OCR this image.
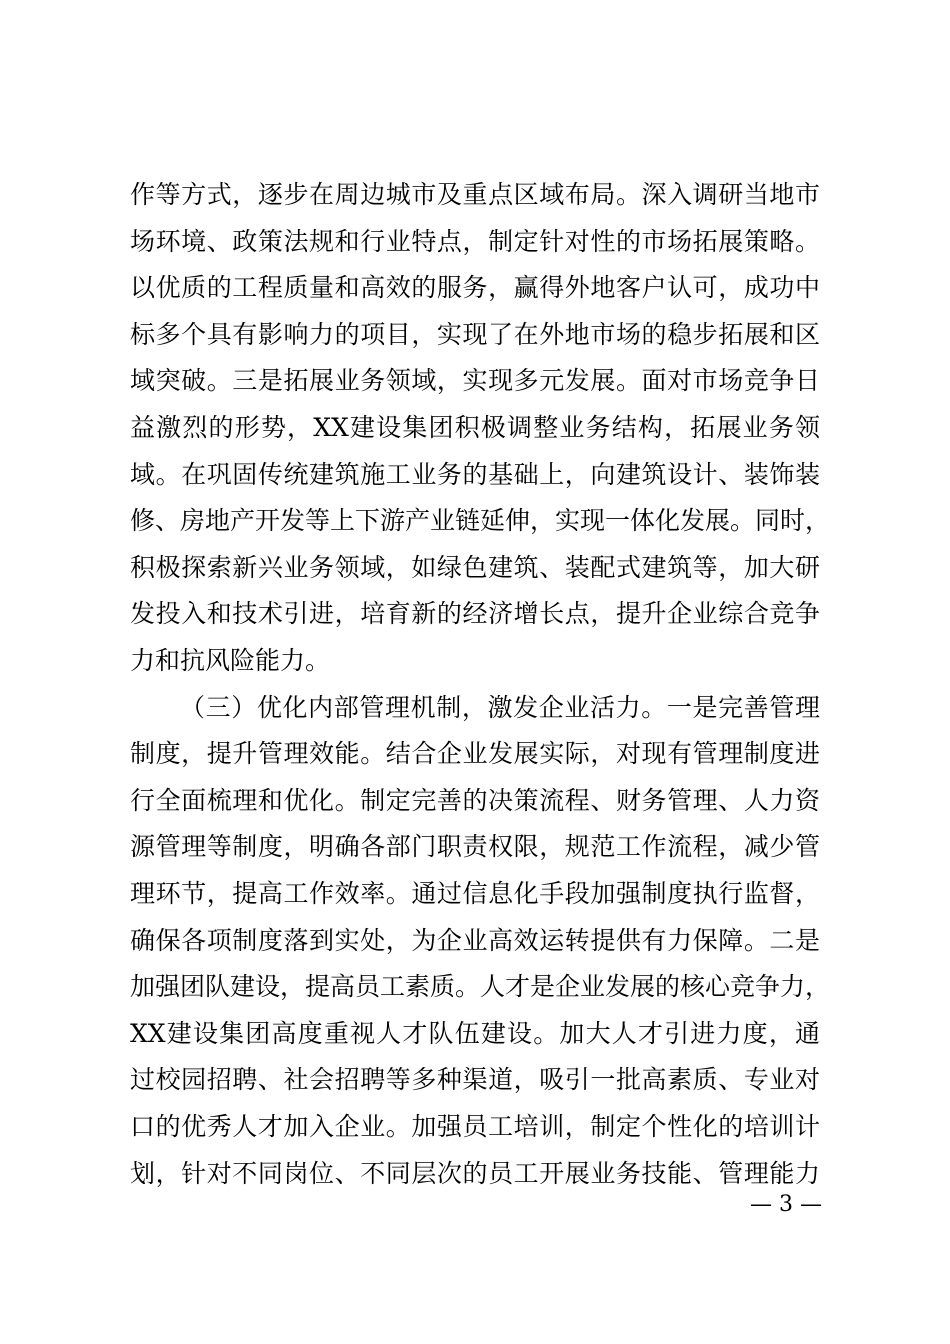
作等方式，逐步在周边城市及重点区域布局。深入调研当地市
场环境、政策法规和行业特点，制定针对性的市场拓展策略。
以优质的工程质量和高效的服务，赢得外地客户认可，成功中
标多个具有影响力的项目，实现了在外地市场的稳步拓展和区
域突破。三是拓展业务领域，实现多元发展。面对市场竞争日
益激烈的形势，XX建设集团积极调整业务结构，拓展业务领
域。在巩固传统建筑施工业务的基础上，向建筑设计、装饰装
修、房地产开发等上下游产业链延伸，实现一体化发展。同时，
积极探索新兴业务领域，如绿色建筑、装配式建筑等，加大研
发投入和技术引进，培育新的经济增长点，提升企业综合竞争
力和抗风险能力。
（三）优化内部管理机制，激发企业活力。一是完善管理
制度，提升管理效能。结合企业发展实际，对现有管理制度进
行全面梳理和优化。制定完善的决策流程、财务管理、人力资
源管理等制度，明确各部门职责权限，规范工作流程，减少管
理环节，提高工作效率。通过信息化手段加强制度执行监督，
确保各项制度落到实处，为企业高效运转提供有力保障。二是
加强团队建设，提高员工素质。人才是企业发展的核心竞争力，
XX建设集团高度重视人才队伍建设。加大人才引进力度，通
过校园招聘、社会招聘等多种渠道，吸引一批高素质、专业对
口的优秀人才加入企业。加强员工培训，制定个性化的培训计
划，针对不同岗位、不同层次的员工开展业务技能、管理能力
— 3 —
